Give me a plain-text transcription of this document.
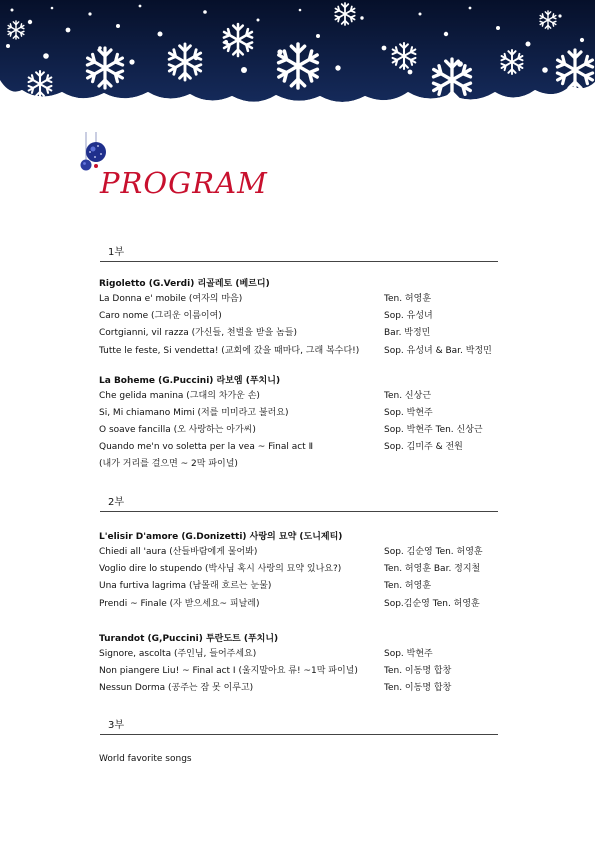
PROGRAM
1부
Rigoletto (G.Verdi) 리골레토 (베르디)
La Donna e' mobile (여자의 마음)	Ten. 허영훈
Caro nome (그리운 이름이여)	Sop. 유성녀
Cortgianni, vil razza (가신들, 천벌을 받을 놈들)	Bar. 박정민
Tutte le feste, Si vendetta! (교회에 갔을 때마다, 그래 복수다!)	Sop. 유성녀 & Bar. 박정민
La Boheme (G.Puccini) 라보엠 (푸치니)
Che gelida manina (그대의 차가운 손)	Ten. 신상근
Si, Mi chiamano Mimi (저를 미미라고 불러요)	Sop. 박현주
O soave fancilla (오 사랑하는 아가씨)	Sop. 박현주 Ten. 신상근
Quando me'n vo soletta per la vea ~ Final act Ⅱ	Sop. 김미주 & 전원
(내가 거리를 걸으면 ~ 2막 파이널)
2부
L'elisir D'amore (G.Donizetti) 사랑의 묘약 (도니제티)
Chiedi all 'aura (산들바람에게 물어봐)	Sop. 김순영 Ten. 허영훈
Voglio dire lo stupendo (박사님 혹시 사랑의 묘약 있나요?)	Ten. 허영훈 Bar. 정지철
Una furtiva lagrima (남몰래 흐르는 눈물)	Ten. 허영훈
Prendi ~ Finale (자 받으세요~ 피날레)	Sop.김순영 Ten. 허영훈
Turandot (G,Puccini) 투란도트 (푸치니)
Signore, ascolta (주인님, 들어주세요)	Sop. 박현주
Non piangere Liu! ~ Final act Ⅰ (울지말아요 류! ~1막 파이널)	Ten. 이동명 합창
Nessun Dorma (공주는 잠 못 이루고)	Ten. 이동명 합창
3부
World favorite songs
